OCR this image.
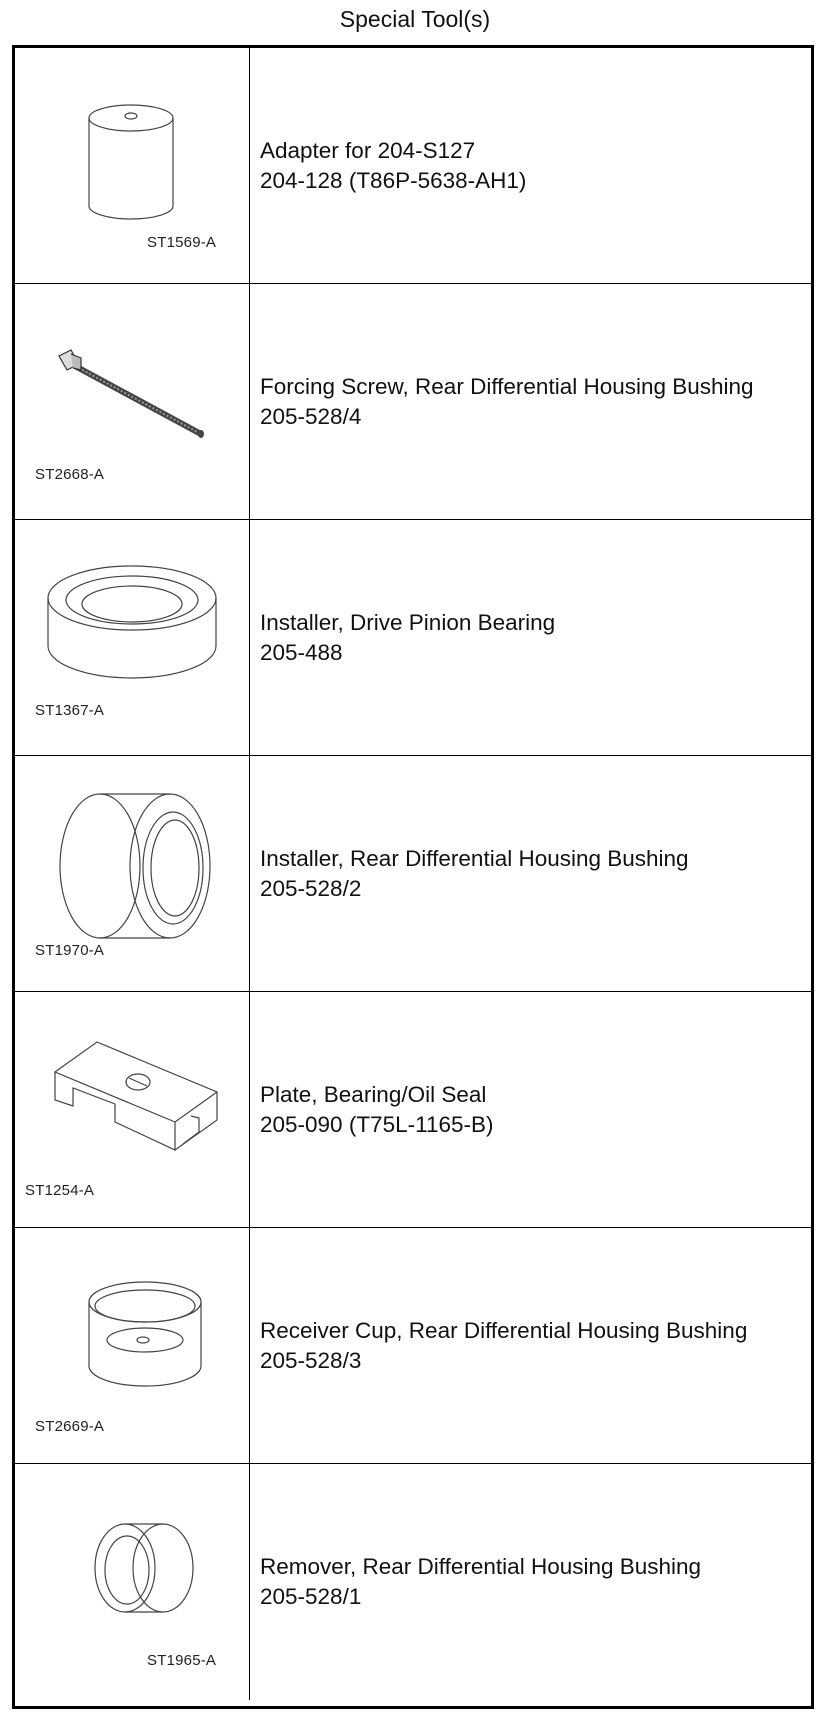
Special Tool(s)
ST1569-A
Adapter for 204-S127
204-128 (T86P-5638-AH1)
ST2668-A
Forcing Screw, Rear Differential Housing Bushing
205-528/4
ST1367-A
Installer, Drive Pinion Bearing
205-488
ST1970-A
Installer, Rear Differential Housing Bushing
205-528/2
ST1254-A
Plate, Bearing/Oil Seal
205-090 (T75L-1165-B)
ST2669-A
Receiver Cup, Rear Differential Housing Bushing
205-528/3
ST1965-A
Remover, Rear Differential Housing Bushing
205-528/1
